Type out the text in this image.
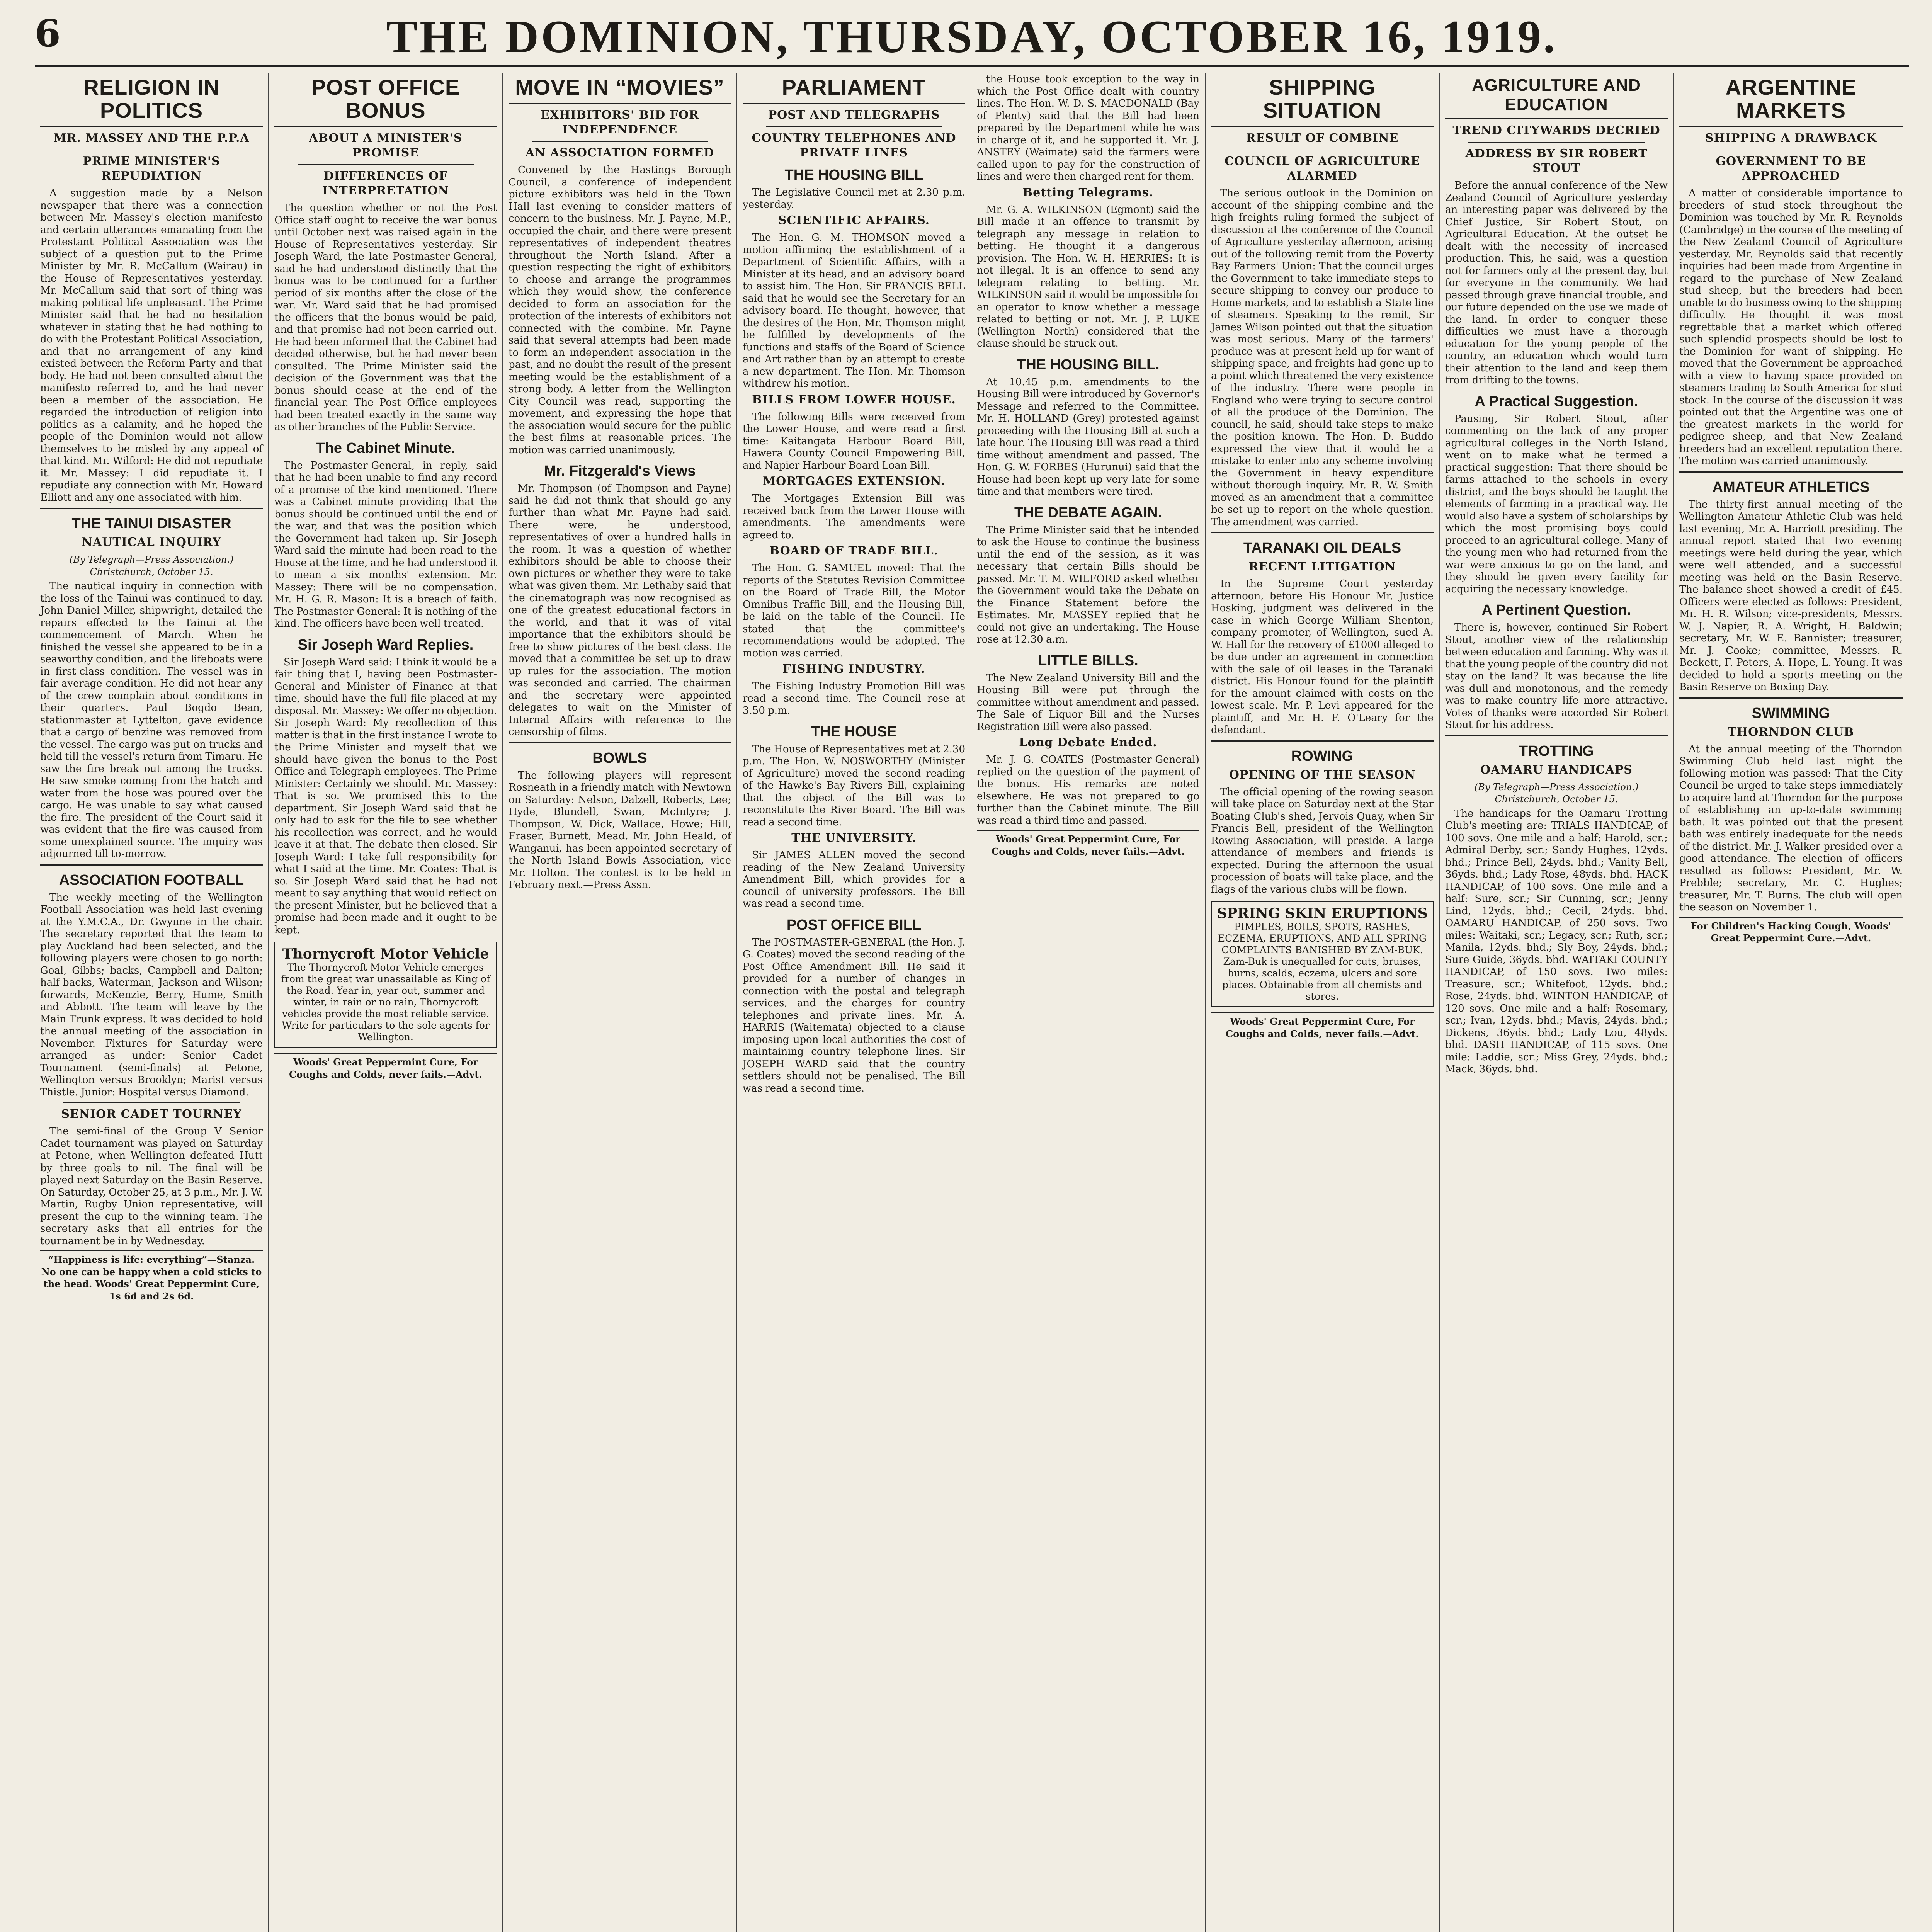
6	THE DOMINION, THURSDAY, OCTOBER 16, 1919.
RELIGION IN POLITICS
MR. MASSEY AND THE P.P.A
PRIME MINISTER'S REPUDIATION

A suggestion made by a Nelson newspaper that there was a connection between Mr. Massey's election manifesto and certain utterances emanating from the Protestant Political Association was the subject of a question put to the Prime Minister by Mr. R. McCallum (Wairau) in the House of Representatives yesterday. Mr. McCallum said that sort of thing was making political life unpleasant. The Prime Minister said that he had no hesitation whatever in stating that he had nothing to do with the Protestant Political Association, and that no arrangement of any kind existed between the Reform Party and that body. He had not been consulted about the manifesto referred to, and he had never been a member of the association. He regarded the introduction of religion into politics as a calamity, and he hoped the people of the Dominion would not allow themselves to be misled by any appeal of that kind. Mr. Wilford: He did not repudiate it. Mr. Massey: I did repudiate it. I repudiate any connection with Mr. Howard Elliott and any one associated with him.

THE TAINUI DISASTER
NAUTICAL INQUIRY
(By Telegraph—Press Association.) Christchurch, October 15.

The nautical inquiry in connection with the loss of the Tainui was continued to-day. John Daniel Miller, shipwright, detailed the repairs effected to the Tainui at the commencement of March. When he finished the vessel she appeared to be in a seaworthy condition, and the lifeboats were in first-class condition. The vessel was in fair average condition. He did not hear any of the crew complain about conditions in their quarters. Paul Bogdo Bean, stationmaster at Lyttelton, gave evidence that a cargo of benzine was removed from the vessel. The cargo was put on trucks and held till the vessel's return from Timaru. He saw the fire break out among the trucks. He saw smoke coming from the hatch and water from the hose was poured over the cargo. He was unable to say what caused the fire. The president of the Court said it was evident that the fire was caused from some unexplained source. The inquiry was adjourned till to-morrow.

ASSOCIATION FOOTBALL

The weekly meeting of the Wellington Football Association was held last evening at the Y.M.C.A., Dr. Gwynne in the chair. The secretary reported that the team to play Auckland had been selected, and the following players were chosen to go north: Goal, Gibbs; backs, Campbell and Dalton; half-backs, Waterman, Jackson and Wilson; forwards, McKenzie, Berry, Hume, Smith and Abbott. The team will leave by the Main Trunk express. It was decided to hold the annual meeting of the association in November. Fixtures for Saturday were arranged as under: Senior Cadet Tournament (semi-finals) at Petone, Wellington versus Brooklyn; Marist versus Thistle. Junior: Hospital versus Diamond.

SENIOR CADET TOURNEY

The semi-final of the Group V Senior Cadet tournament was played on Saturday at Petone, when Wellington defeated Hutt by three goals to nil. The final will be played next Saturday on the Basin Reserve. On Saturday, October 25, at 3 p.m., Mr. J. W. Martin, Rugby Union representative, will present the cup to the winning team. The secretary asks that all entries for the tournament be in by Wednesday.

“Happiness is life: everything”—Stanza. No one can be happy when a cold sticks to the head. Woods' Great Peppermint Cure, 1s 6d and 2s 6d.
POST OFFICE BONUS
ABOUT A MINISTER'S PROMISE
DIFFERENCES OF INTERPRETATION

The question whether or not the Post Office staff ought to receive the war bonus until October next was raised again in the House of Representatives yesterday. Sir Joseph Ward, the late Postmaster-General, said he had understood distinctly that the bonus was to be continued for a further period of six months after the close of the war. Mr. Ward said that he had promised the officers that the bonus would be paid, and that promise had not been carried out. He had been informed that the Cabinet had decided otherwise, but he had never been consulted. The Prime Minister said the decision of the Government was that the bonus should cease at the end of the financial year. The Post Office employees had been treated exactly in the same way as other branches of the Public Service.

The Cabinet Minute.

The Postmaster-General, in reply, said that he had been unable to find any record of a promise of the kind mentioned. There was a Cabinet minute providing that the bonus should be continued until the end of the war, and that was the position which the Government had taken up. Sir Joseph Ward said the minute had been read to the House at the time, and he had understood it to mean a six months' extension. Mr. Massey: There will be no compensation. Mr. H. G. R. Mason: It is a breach of faith. The Postmaster-General: It is nothing of the kind. The officers have been well treated.

Sir Joseph Ward Replies.

Sir Joseph Ward said: I think it would be a fair thing that I, having been Postmaster-General and Minister of Finance at that time, should have the full file placed at my disposal. Mr. Massey: We offer no objection. Sir Joseph Ward: My recollection of this matter is that in the first instance I wrote to the Prime Minister and myself that we should have given the bonus to the Post Office and Telegraph employees. The Prime Minister: Certainly we should. Mr. Massey: That is so. We promised this to the department. Sir Joseph Ward said that he only had to ask for the file to see whether his recollection was correct, and he would leave it at that. The debate then closed. Sir Joseph Ward: I take full responsibility for what I said at the time. Mr. Coates: That is so. Sir Joseph Ward said that he had not meant to say anything that would reflect on the present Minister, but he believed that a promise had been made and it ought to be kept.

Thornycroft Motor Vehicle
The Thornycroft Motor Vehicle emerges from the great war unassailable as King of the Road. Year in, year out, summer and winter, in rain or no rain, Thornycroft vehicles provide the most reliable service. Write for particulars to the sole agents for Wellington.
Woods' Great Peppermint Cure, For Coughs and Colds, never fails.—Advt.
MOVE IN “MOVIES”
EXHIBITORS' BID FOR INDEPENDENCE
AN ASSOCIATION FORMED

Convened by the Hastings Borough Council, a conference of independent picture exhibitors was held in the Town Hall last evening to consider matters of concern to the business. Mr. J. Payne, M.P., occupied the chair, and there were present representatives of independent theatres throughout the North Island. After a question respecting the right of exhibitors to choose and arrange the programmes which they would show, the conference decided to form an association for the protection of the interests of exhibitors not connected with the combine. Mr. Payne said that several attempts had been made to form an independent association in the past, and no doubt the result of the present meeting would be the establishment of a strong body. A letter from the Wellington City Council was read, supporting the movement, and expressing the hope that the association would secure for the public the best films at reasonable prices. The motion was carried unanimously.

Mr. Fitzgerald's Views

Mr. Thompson (of Thompson and Payne) said he did not think that should go any further than what Mr. Payne had said. There were, he understood, representatives of over a hundred halls in the room. It was a question of whether exhibitors should be able to choose their own pictures or whether they were to take what was given them. Mr. Lethaby said that the cinematograph was now recognised as one of the greatest educational factors in the world, and that it was of vital importance that the exhibitors should be free to show pictures of the best class. He moved that a committee be set up to draw up rules for the association. The motion was seconded and carried. The chairman and the secretary were appointed delegates to wait on the Minister of Internal Affairs with reference to the censorship of films.

BOWLS

The following players will represent Rosneath in a friendly match with Newtown on Saturday: Nelson, Dalzell, Roberts, Lee; Hyde, Blundell, Swan, McIntyre; J. Thompson, W. Dick, Wallace, Howe; Hill, Fraser, Burnett, Mead. Mr. John Heald, of Wanganui, has been appointed secretary of the North Island Bowls Association, vice Mr. Holton. The contest is to be held in February next.—Press Assn.

PARLIAMENT
POST AND TELEGRAPHS
COUNTRY TELEPHONES AND PRIVATE LINES
THE HOUSING BILL

The Legislative Council met at 2.30 p.m. yesterday.

SCIENTIFIC AFFAIRS.

The Hon. G. M. THOMSON moved a motion affirming the establishment of a Department of Scientific Affairs, with a Minister at its head, and an advisory board to assist him. The Hon. Sir FRANCIS BELL said that he would see the Secretary for an advisory board. He thought, however, that the desires of the Hon. Mr. Thomson might be fulfilled by developments of the functions and staffs of the Board of Science and Art rather than by an attempt to create a new department. The Hon. Mr. Thomson withdrew his motion.

BILLS FROM LOWER HOUSE.

The following Bills were received from the Lower House, and were read a first time: Kaitangata Harbour Board Bill, Hawera County Council Empowering Bill, and Napier Harbour Board Loan Bill.

MORTGAGES EXTENSION.

The Mortgages Extension Bill was received back from the Lower House with amendments. The amendments were agreed to.

BOARD OF TRADE BILL.

The Hon. G. SAMUEL moved: That the reports of the Statutes Revision Committee on the Board of Trade Bill, the Motor Omnibus Traffic Bill, and the Housing Bill, be laid on the table of the Council. He stated that the committee's recommendations would be adopted. The motion was carried.

FISHING INDUSTRY.

The Fishing Industry Promotion Bill was read a second time. The Council rose at 3.50 p.m.

THE HOUSE

The House of Representatives met at 2.30 p.m. The Hon. W. NOSWORTHY (Minister of Agriculture) moved the second reading of the Hawke's Bay Rivers Bill, explaining that the object of the Bill was to reconstitute the River Board. The Bill was read a second time.

THE UNIVERSITY.

Sir JAMES ALLEN moved the second reading of the New Zealand University Amendment Bill, which provides for a council of university professors. The Bill was read a second time.

POST OFFICE BILL

The POSTMASTER-GENERAL (the Hon. J. G. Coates) moved the second reading of the Post Office Amendment Bill. He said it provided for a number of changes in connection with the postal and telegraph services, and the charges for country telephones and private lines. Mr. A. HARRIS (Waitemata) objected to a clause imposing upon local authorities the cost of maintaining country telephone lines. Sir JOSEPH WARD said that the country settlers should not be penalised. The Bill was read a second time.

the House took exception to the way in which the Post Office dealt with country lines. The Hon. W. D. S. MACDONALD (Bay of Plenty) said that the Bill had been prepared by the Department while he was in charge of it, and he supported it. Mr. J. ANSTEY (Waimate) said the farmers were called upon to pay for the construction of lines and were then charged rent for them.

Betting Telegrams.

Mr. G. A. WILKINSON (Egmont) said the Bill made it an offence to transmit by telegraph any message in relation to betting. He thought it a dangerous provision. The Hon. W. H. HERRIES: It is not illegal. It is an offence to send any telegram relating to betting. Mr. WILKINSON said it would be impossible for an operator to know whether a message related to betting or not. Mr. J. P. LUKE (Wellington North) considered that the clause should be struck out.

THE HOUSING BILL.

At 10.45 p.m. amendments to the Housing Bill were introduced by Governor's Message and referred to the Committee. Mr. H. HOLLAND (Grey) protested against proceeding with the Housing Bill at such a late hour. The Housing Bill was read a third time without amendment and passed. The Hon. G. W. FORBES (Hurunui) said that the House had been kept up very late for some time and that members were tired.

THE DEBATE AGAIN.

The Prime Minister said that he intended to ask the House to continue the business until the end of the session, as it was necessary that certain Bills should be passed. Mr. T. M. WILFORD asked whether the Government would take the Debate on the Finance Statement before the Estimates. Mr. MASSEY replied that he could not give an undertaking. The House rose at 12.30 a.m.

LITTLE BILLS.

The New Zealand University Bill and the Housing Bill were put through the committee without amendment and passed. The Sale of Liquor Bill and the Nurses Registration Bill were also passed.

Long Debate Ended.

Mr. J. G. COATES (Postmaster-General) replied on the question of the payment of the bonus. His remarks are noted elsewhere. He was not prepared to go further than the Cabinet minute. The Bill was read a third time and passed.

Woods' Great Peppermint Cure, For Coughs and Colds, never fails.—Advt.
SHIPPING SITUATION
RESULT OF COMBINE
COUNCIL OF AGRICULTURE ALARMED

The serious outlook in the Dominion on account of the shipping combine and the high freights ruling formed the subject of discussion at the conference of the Council of Agriculture yesterday afternoon, arising out of the following remit from the Poverty Bay Farmers' Union: That the council urges the Government to take immediate steps to secure shipping to convey our produce to Home markets, and to establish a State line of steamers. Speaking to the remit, Sir James Wilson pointed out that the situation was most serious. Many of the farmers' produce was at present held up for want of shipping space, and freights had gone up to a point which threatened the very existence of the industry. There were people in England who were trying to secure control of all the produce of the Dominion. The council, he said, should take steps to make the position known. The Hon. D. Buddo expressed the view that it would be a mistake to enter into any scheme involving the Government in heavy expenditure without thorough inquiry. Mr. R. W. Smith moved as an amendment that a committee be set up to report on the whole question. The amendment was carried.

TARANAKI OIL DEALS
RECENT LITIGATION

In the Supreme Court yesterday afternoon, before His Honour Mr. Justice Hosking, judgment was delivered in the case in which George William Shenton, company promoter, of Wellington, sued A. W. Hall for the recovery of £1000 alleged to be due under an agreement in connection with the sale of oil leases in the Taranaki district. His Honour found for the plaintiff for the amount claimed with costs on the lowest scale. Mr. P. Levi appeared for the plaintiff, and Mr. H. F. O'Leary for the defendant.

ROWING
OPENING OF THE SEASON

The official opening of the rowing season will take place on Saturday next at the Star Boating Club's shed, Jervois Quay, when Sir Francis Bell, president of the Wellington Rowing Association, will preside. A large attendance of members and friends is expected. During the afternoon the usual procession of boats will take place, and the flags of the various clubs will be flown.

SPRING SKIN ERUPTIONS
PIMPLES, BOILS, SPOTS, RASHES, ECZEMA, ERUPTIONS, AND ALL SPRING COMPLAINTS BANISHED BY ZAM-BUK. Zam-Buk is unequalled for cuts, bruises, burns, scalds, eczema, ulcers and sore places. Obtainable from all chemists and stores.
Woods' Great Peppermint Cure, For Coughs and Colds, never fails.—Advt.
AGRICULTURE AND EDUCATION
TREND CITYWARDS DECRIED
ADDRESS BY SIR ROBERT STOUT

Before the annual conference of the New Zealand Council of Agriculture yesterday an interesting paper was delivered by the Chief Justice, Sir Robert Stout, on Agricultural Education. At the outset he dealt with the necessity of increased production. This, he said, was a question not for farmers only at the present day, but for everyone in the community. We had passed through grave financial trouble, and our future depended on the use we made of the land. In order to conquer these difficulties we must have a thorough education for the young people of the country, an education which would turn their attention to the land and keep them from drifting to the towns.

A Practical Suggestion.

Pausing, Sir Robert Stout, after commenting on the lack of any proper agricultural colleges in the North Island, went on to make what he termed a practical suggestion: That there should be farms attached to the schools in every district, and the boys should be taught the elements of farming in a practical way. He would also have a system of scholarships by which the most promising boys could proceed to an agricultural college. Many of the young men who had returned from the war were anxious to go on the land, and they should be given every facility for acquiring the necessary knowledge.

A Pertinent Question.

There is, however, continued Sir Robert Stout, another view of the relationship between education and farming. Why was it that the young people of the country did not stay on the land? It was because the life was dull and monotonous, and the remedy was to make country life more attractive. Votes of thanks were accorded Sir Robert Stout for his address.

TROTTING
OAMARU HANDICAPS
(By Telegraph—Press Association.) Christchurch, October 15.

The handicaps for the Oamaru Trotting Club's meeting are: TRIALS HANDICAP, of 100 sovs. One mile and a half: Harold, scr.; Admiral Derby, scr.; Sandy Hughes, 12yds. bhd.; Prince Bell, 24yds. bhd.; Vanity Bell, 36yds. bhd.; Lady Rose, 48yds. bhd. HACK HANDICAP, of 100 sovs. One mile and a half: Sure, scr.; Sir Cunning, scr.; Jenny Lind, 12yds. bhd.; Cecil, 24yds. bhd. OAMARU HANDICAP, of 250 sovs. Two miles: Waitaki, scr.; Legacy, scr.; Ruth, scr.; Manila, 12yds. bhd.; Sly Boy, 24yds. bhd.; Sure Guide, 36yds. bhd. WAITAKI COUNTY HANDICAP, of 150 sovs. Two miles: Treasure, scr.; Whitefoot, 12yds. bhd.; Rose, 24yds. bhd. WINTON HANDICAP, of 120 sovs. One mile and a half: Rosemary, scr.; Ivan, 12yds. bhd.; Mavis, 24yds. bhd.; Dickens, 36yds. bhd.; Lady Lou, 48yds. bhd. DASH HANDICAP, of 115 sovs. One mile: Laddie, scr.; Miss Grey, 24yds. bhd.; Mack, 36yds. bhd.

ARGENTINE MARKETS
SHIPPING A DRAWBACK
GOVERNMENT TO BE APPROACHED

A matter of considerable importance to breeders of stud stock throughout the Dominion was touched by Mr. R. Reynolds (Cambridge) in the course of the meeting of the New Zealand Council of Agriculture yesterday. Mr. Reynolds said that recently inquiries had been made from Argentine in regard to the purchase of New Zealand stud sheep, but the breeders had been unable to do business owing to the shipping difficulty. He thought it was most regrettable that a market which offered such splendid prospects should be lost to the Dominion for want of shipping. He moved that the Government be approached with a view to having space provided on steamers trading to South America for stud stock. In the course of the discussion it was pointed out that the Argentine was one of the greatest markets in the world for pedigree sheep, and that New Zealand breeders had an excellent reputation there. The motion was carried unanimously.

AMATEUR ATHLETICS

The thirty-first annual meeting of the Wellington Amateur Athletic Club was held last evening, Mr. A. Harriott presiding. The annual report stated that two evening meetings were held during the year, which were well attended, and a successful meeting was held on the Basin Reserve. The balance-sheet showed a credit of £45. Officers were elected as follows: President, Mr. H. R. Wilson; vice-presidents, Messrs. W. J. Napier, R. A. Wright, H. Baldwin; secretary, Mr. W. E. Bannister; treasurer, Mr. J. Cooke; committee, Messrs. R. Beckett, F. Peters, A. Hope, L. Young. It was decided to hold a sports meeting on the Basin Reserve on Boxing Day.

SWIMMING
THORNDON CLUB

At the annual meeting of the Thorndon Swimming Club held last night the following motion was passed: That the City Council be urged to take steps immediately to acquire land at Thorndon for the purpose of establishing an up-to-date swimming bath. It was pointed out that the present bath was entirely inadequate for the needs of the district. Mr. J. Walker presided over a good attendance. The election of officers resulted as follows: President, Mr. W. Prebble; secretary, Mr. C. Hughes; treasurer, Mr. T. Burns. The club will open the season on November 1.

For Children's Hacking Cough, Woods' Great Peppermint Cure.—Advt.
